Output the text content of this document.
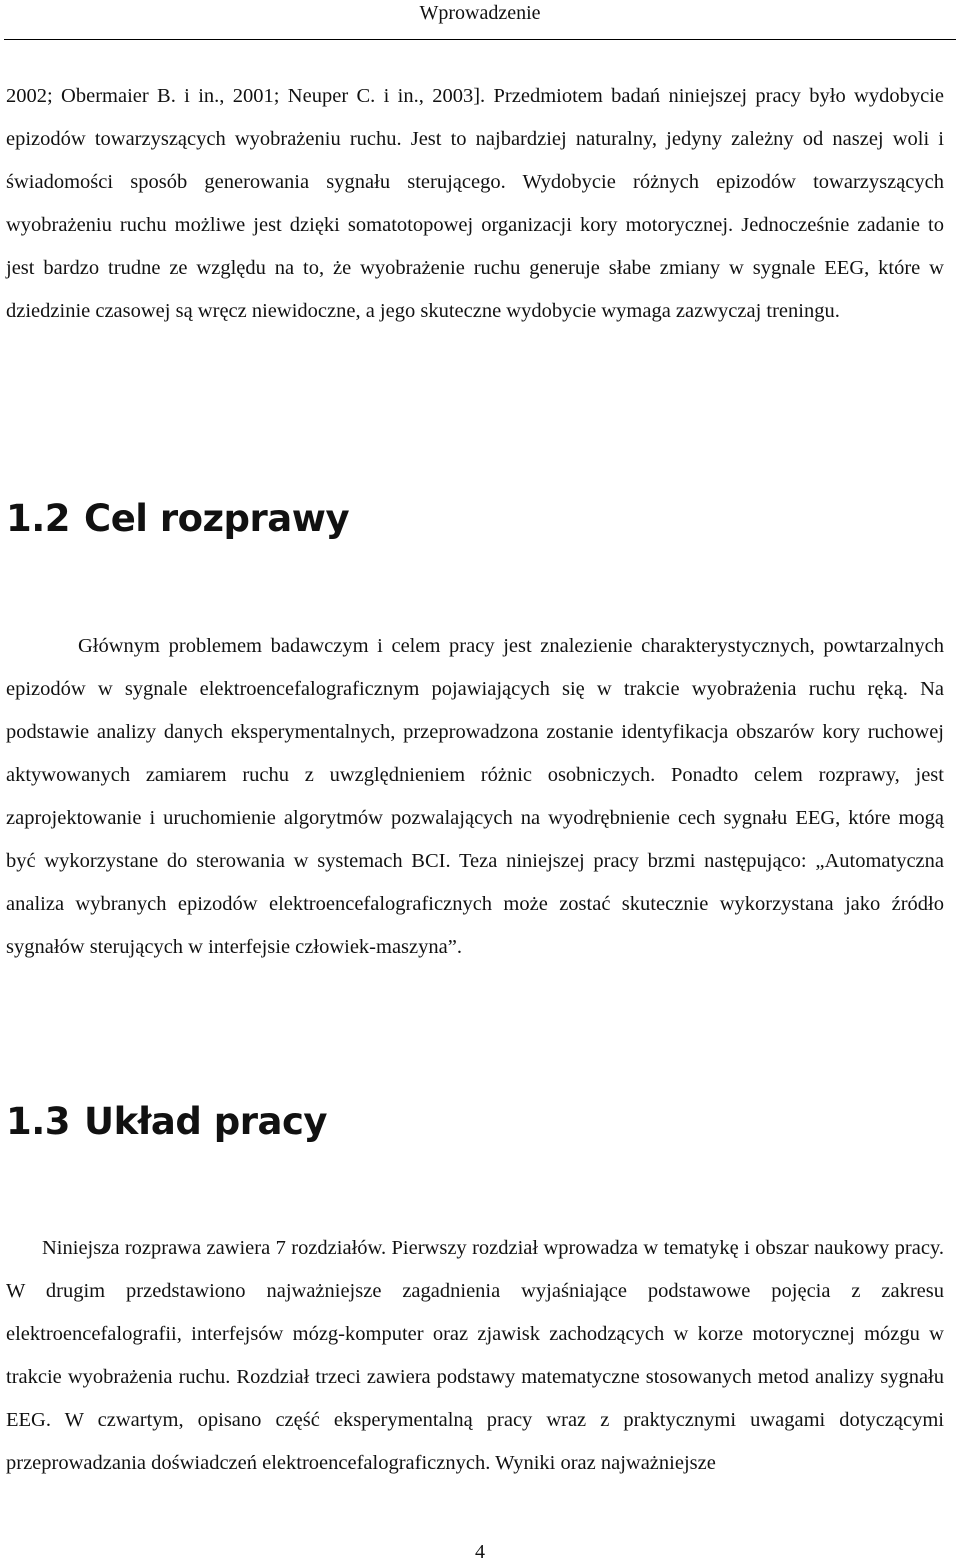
Wprowadzenie

2002; Obermaier B. i in., 2001; Neuper C. i in., 2003]. Przedmiotem badań niniejszej pracy było wydobycie epizodów towarzyszących wyobrażeniu ruchu. Jest to najbardziej naturalny, jedyny zależny od naszej woli i świadomości sposób generowania sygnału sterującego. Wydobycie różnych epizodów towarzyszących wyobrażeniu ruchu możliwe jest dzięki somatotopowej organizacji kory motorycznej. Jednocześnie zadanie to jest bardzo trudne ze względu na to, że wyobrażenie ruchu generuje słabe zmiany w sygnale EEG, które w dziedzinie czasowej są wręcz niewidoczne, a jego skuteczne wydobycie wymaga zazwyczaj treningu.

1.2 Cel rozprawy

Głównym problemem badawczym i celem pracy jest znalezienie charakterystycznych, powtarzalnych epizodów w sygnale elektroencefalograficznym pojawiających się w trakcie wyobrażenia ruchu ręką. Na podstawie analizy danych eksperymentalnych, przeprowadzona zostanie identyfikacja obszarów kory ruchowej aktywowanych zamiarem ruchu z uwzględnieniem różnic osobniczych. Ponadto celem rozprawy, jest zaprojektowanie i uruchomienie algorytmów pozwalających na wyodrębnienie cech sygnału EEG, które mogą być wykorzystane do sterowania w systemach BCI. Teza niniejszej pracy brzmi następująco: „Automatyczna analiza wybranych epizodów elektroencefalograficznych może zostać skutecznie wykorzystana jako źródło sygnałów sterujących w interfejsie człowiek-maszyna”.

1.3 Układ pracy

Niniejsza rozprawa zawiera 7 rozdziałów. Pierwszy rozdział wprowadza w tematykę i obszar naukowy pracy. W drugim przedstawiono najważniejsze zagadnienia wyjaśniające podstawowe pojęcia z zakresu elektroencefalografii, interfejsów mózg-komputer oraz zjawisk zachodzących w korze motorycznej mózgu w trakcie wyobrażenia ruchu. Rozdział trzeci zawiera podstawy matematyczne stosowanych metod analizy sygnału EEG. W czwartym, opisano część eksperymentalną pracy wraz z praktycznymi uwagami dotyczącymi przeprowadzania doświadczeń elektroencefalograficznych. Wyniki oraz najważniejsze

4
